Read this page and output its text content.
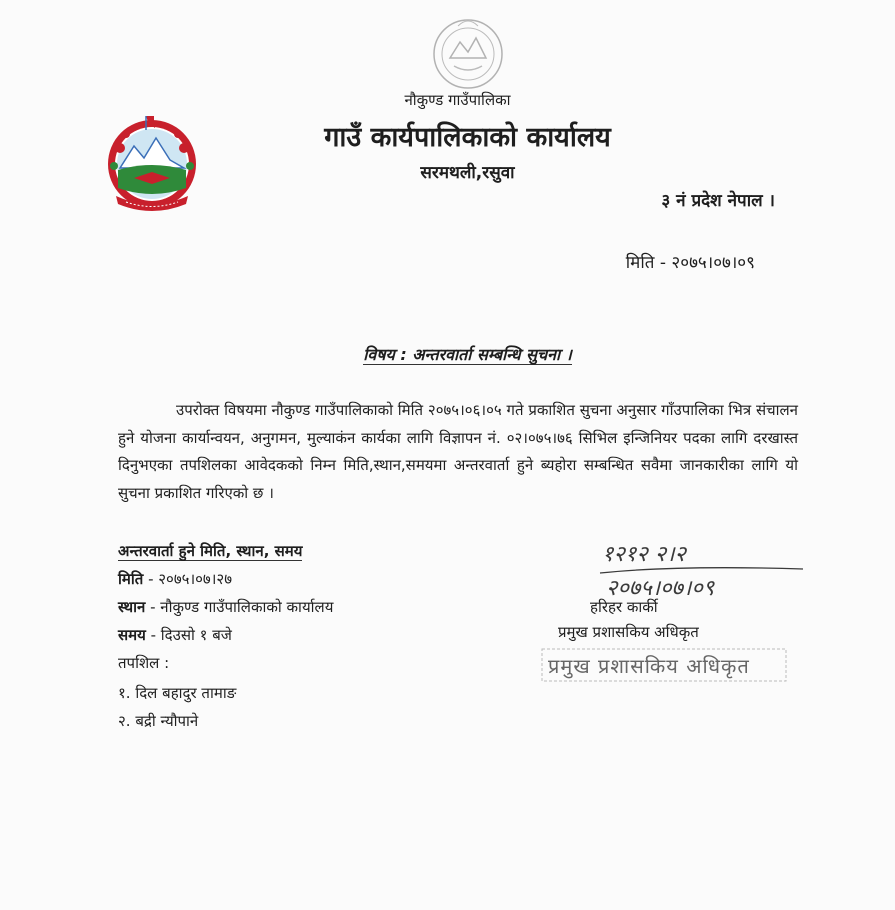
नौकुण्ड गाउँपालिका
गाउँ कार्यपालिकाको कार्यालय
सरमथली,रसुवा
३ नं प्रदेश नेपाल ।
मिति - २०७५।०७।०९
विषय : अन्तरवार्ता सम्बन्धि सुचना ।
उपरोक्त विषयमा नौकुण्ड गाउँपालिकाको मिति २०७५।०६।०५ गते प्रकाशित सुचना अनुसार गाँउपालिका भित्र संचालन हुने योजना कार्यान्वयन, अनुगमन, मुल्याकंन कार्यका लागि विज्ञापन नं. ०२।०७५।७६ सिभिल इन्जिनियर पदका लागि दरखास्त दिनुभएका तपशिलका आवेदकको निम्न मिति,स्थान,समयमा अन्तरवार्ता हुने ब्यहोरा सम्बन्धित सवैमा जानकारीका लागि यो सुचना प्रकाशित गरिएको छ ।
अन्तरवार्ता हुने मिति, स्थान, समय
मिति - २०७५।०७।२७
स्थान - नौकुण्ड गाउँपालिकाको कार्यालय
समय - दिउसो १ बजे
तपशिल :
१. दिल बहादुर तामाङ
२. बद्री न्यौपाने
१२१२ २।२
२०७५।०७।०९
हरिहर कार्की
प्रमुख प्रशासकिय अधिकृत
प्रमुख प्रशासकिय अधिकृत
